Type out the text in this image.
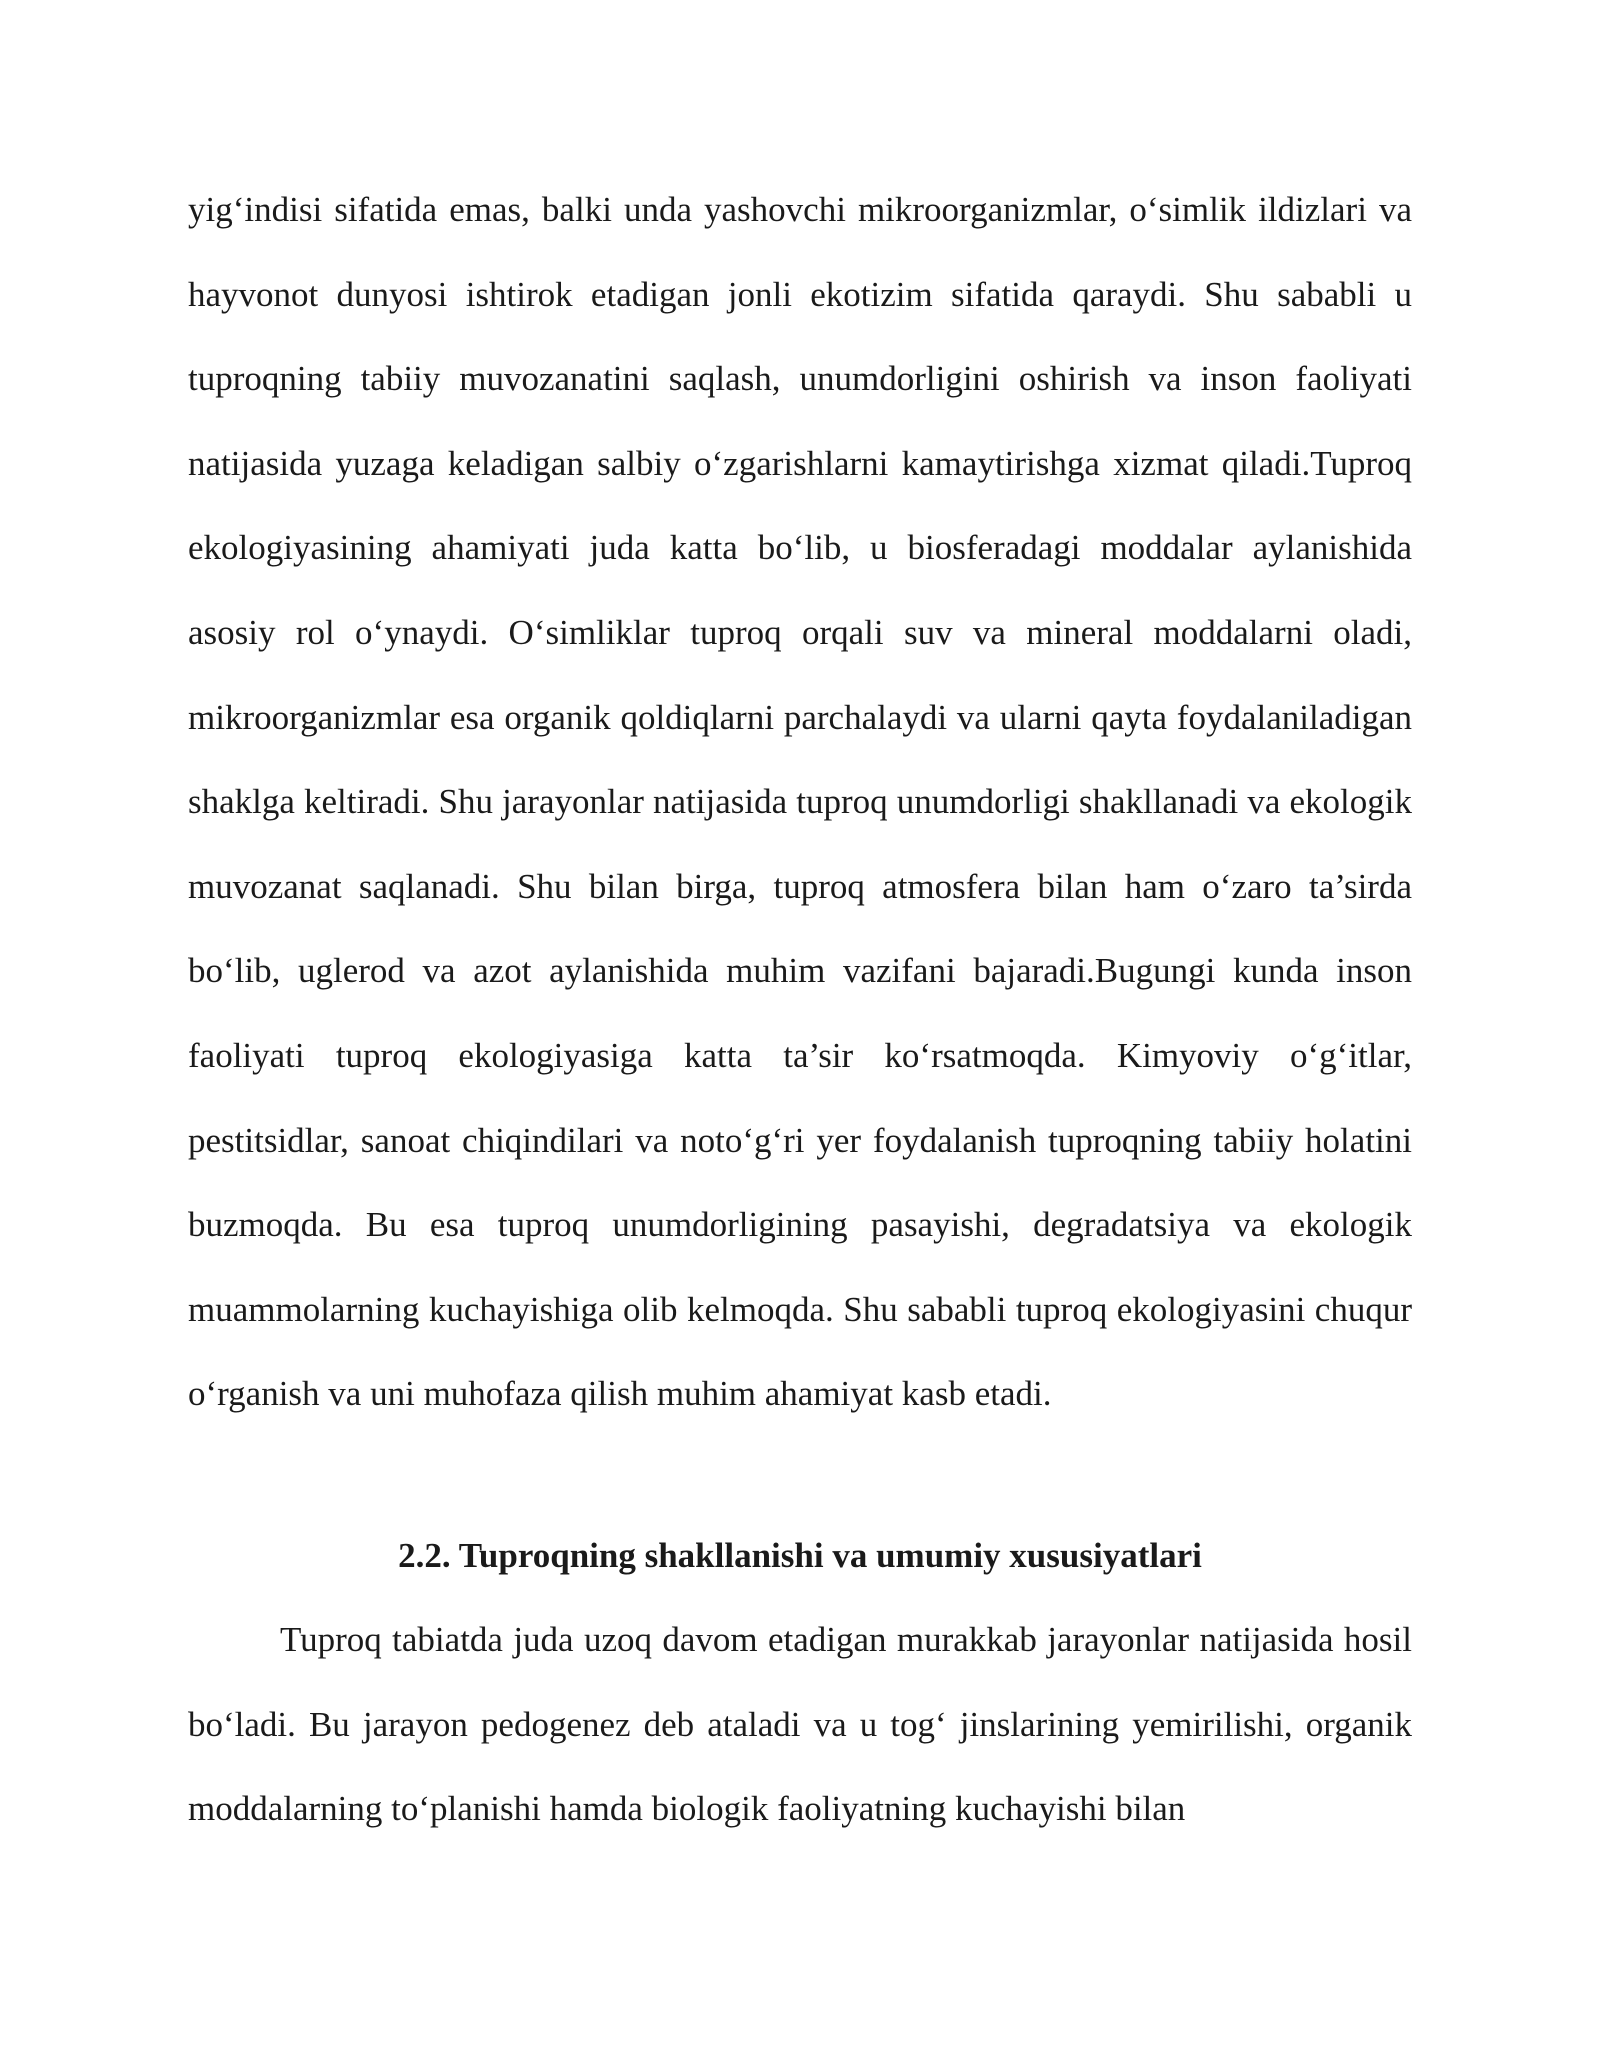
yig‘indisi sifatida emas, balki unda yashovchi mikroorganizmlar, o‘simlik ildizlari va hayvonot dunyosi ishtirok etadigan jonli ekotizim sifatida qaraydi. Shu sababli u tuproqning tabiiy muvozanatini saqlash, unumdorligini oshirish va inson faoliyati natijasida yuzaga keladigan salbiy o‘zgarishlarni kamaytirishga xizmat qiladi.Tuproq ekologiyasining ahamiyati juda katta bo‘lib, u biosferadagi moddalar aylanishida asosiy rol o‘ynaydi. O‘simliklar tuproq orqali suv va mineral moddalarni oladi, mikroorganizmlar esa organik qoldiqlarni parchalaydi va ularni qayta foydalaniladigan shaklga keltiradi. Shu jarayonlar natijasida tuproq unumdorligi shakllanadi va ekologik muvozanat saqlanadi. Shu bilan birga, tuproq atmosfera bilan ham o‘zaro ta’sirda bo‘lib, uglerod va azot aylanishida muhim vazifani bajaradi.Bugungi kunda inson faoliyati tuproq ekologiyasiga katta ta’sir ko‘rsatmoqda. Kimyoviy o‘g‘itlar, pestitsidlar, sanoat chiqindilari va noto‘g‘ri yer foydalanish tuproqning tabiiy holatini buzmoqda. Bu esa tuproq unumdorligining pasayishi, degradatsiya va ekologik muammolarning kuchayishiga olib kelmoqda. Shu sababli tuproq ekologiyasini chuqur o‘rganish va uni muhofaza qilish muhim ahamiyat kasb etadi.

2.2. Tuproqning shakllanishi va umumiy xususiyatlari

Tuproq tabiatda juda uzoq davom etadigan murakkab jarayonlar natijasida hosil bo‘ladi. Bu jarayon pedogenez deb ataladi va u tog‘ jinslarining yemirilishi, organik moddalarning to‘planishi hamda biologik faoliyatning kuchayishi bilan
